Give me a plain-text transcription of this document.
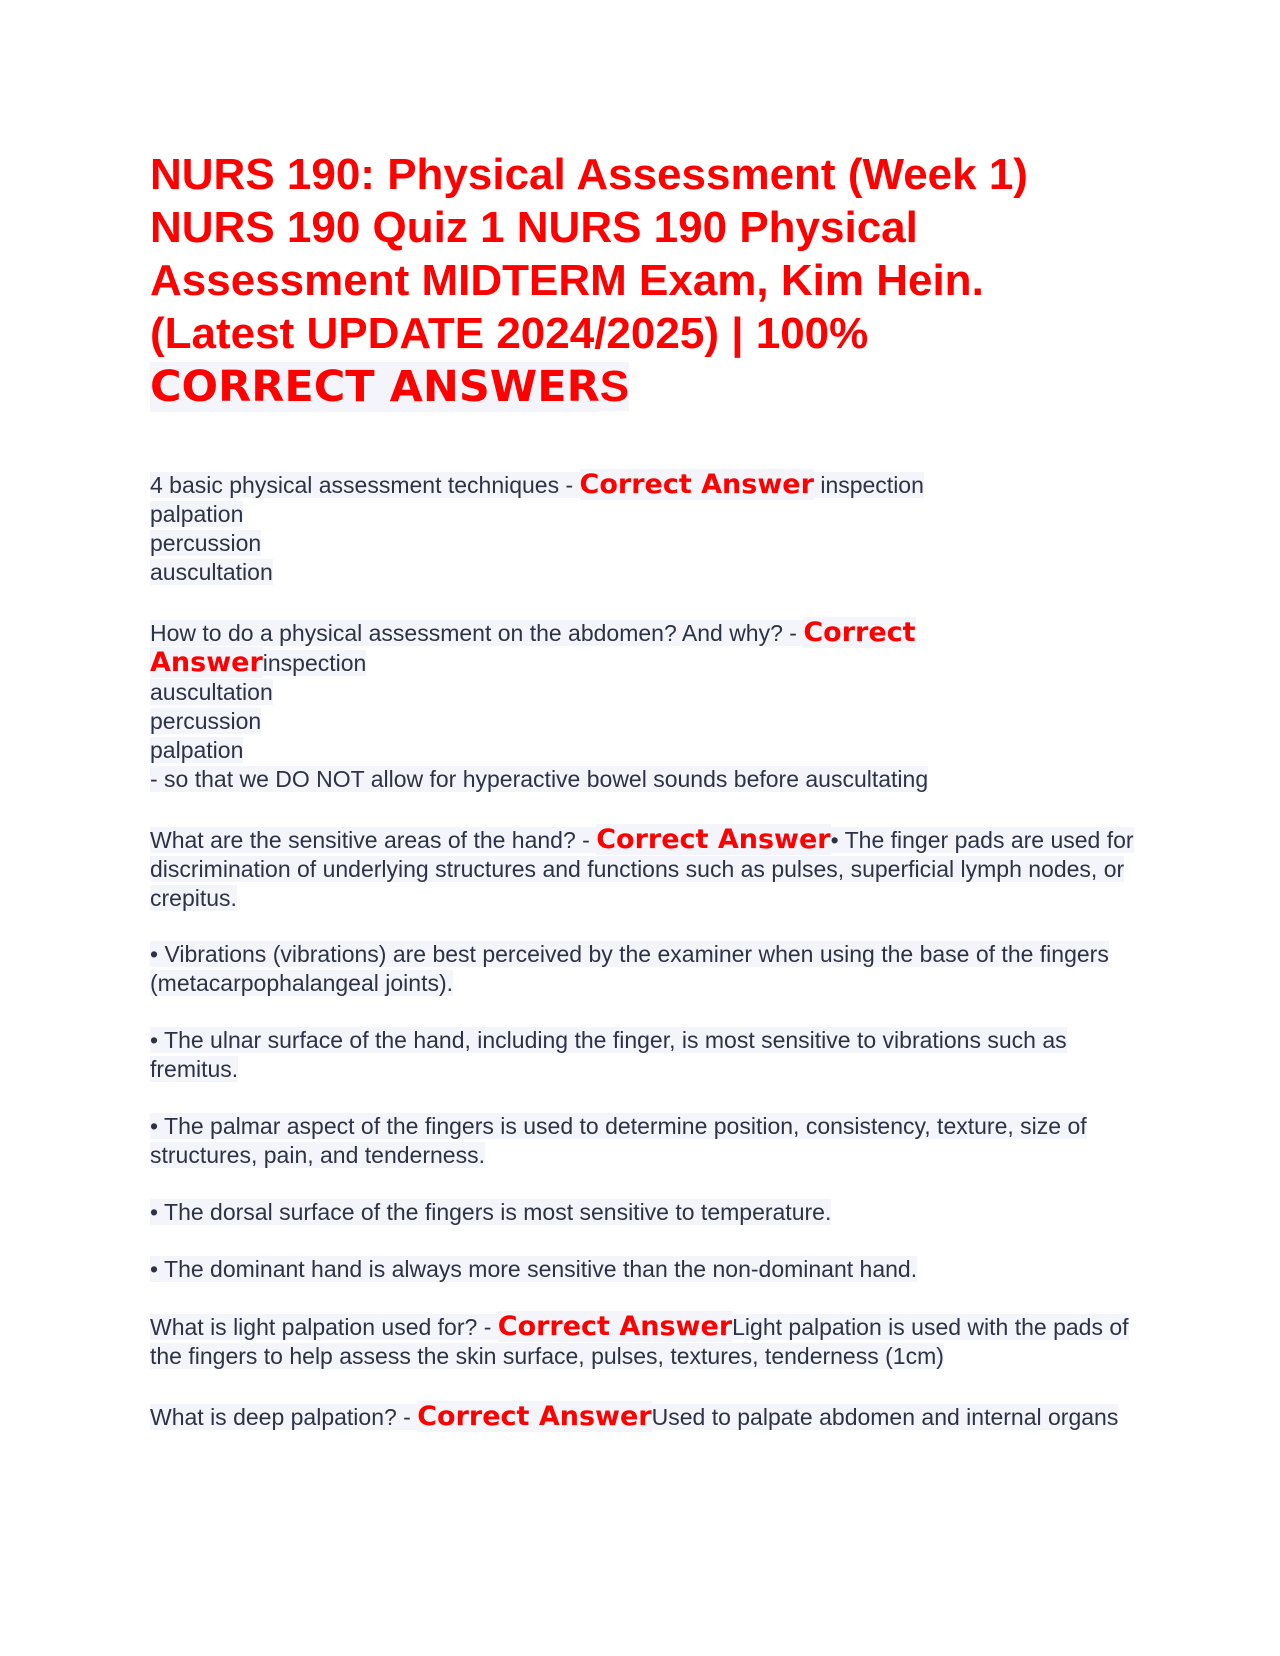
NURS 190: Physical Assessment (Week 1)
NURS 190 Quiz 1 NURS 190 Physical
Assessment MIDTERM Exam, Kim Hein.
(Latest UPDATE 2024/2025) | 100%
CORRECT ANSWERS
4 basic physical assessment techniques - Correct Answer inspection
palpation
percussion
auscultation
How to do a physical assessment on the abdomen? And why? - Correct
Answerinspection
auscultation
percussion
palpation
- so that we DO NOT allow for hyperactive bowel sounds before auscultating
What are the sensitive areas of the hand? - Correct Answer• The finger pads are used for discrimination of underlying structures and functions such as pulses, superficial lymph nodes, or crepitus.
• Vibrations (vibrations) are best perceived by the examiner when using the base of the fingers (metacarpophalangeal joints).
• The ulnar surface of the hand, including the finger, is most sensitive to vibrations such as fremitus.
• The palmar aspect of the fingers is used to determine position, consistency, texture, size of structures, pain, and tenderness.
• The dorsal surface of the fingers is most sensitive to temperature.
• The dominant hand is always more sensitive than the non-dominant hand.
What is light palpation used for? - Correct AnswerLight palpation is used with the pads of the fingers to help assess the skin surface, pulses, textures, tenderness (1cm)
What is deep palpation? - Correct AnswerUsed to palpate abdomen and internal organs
